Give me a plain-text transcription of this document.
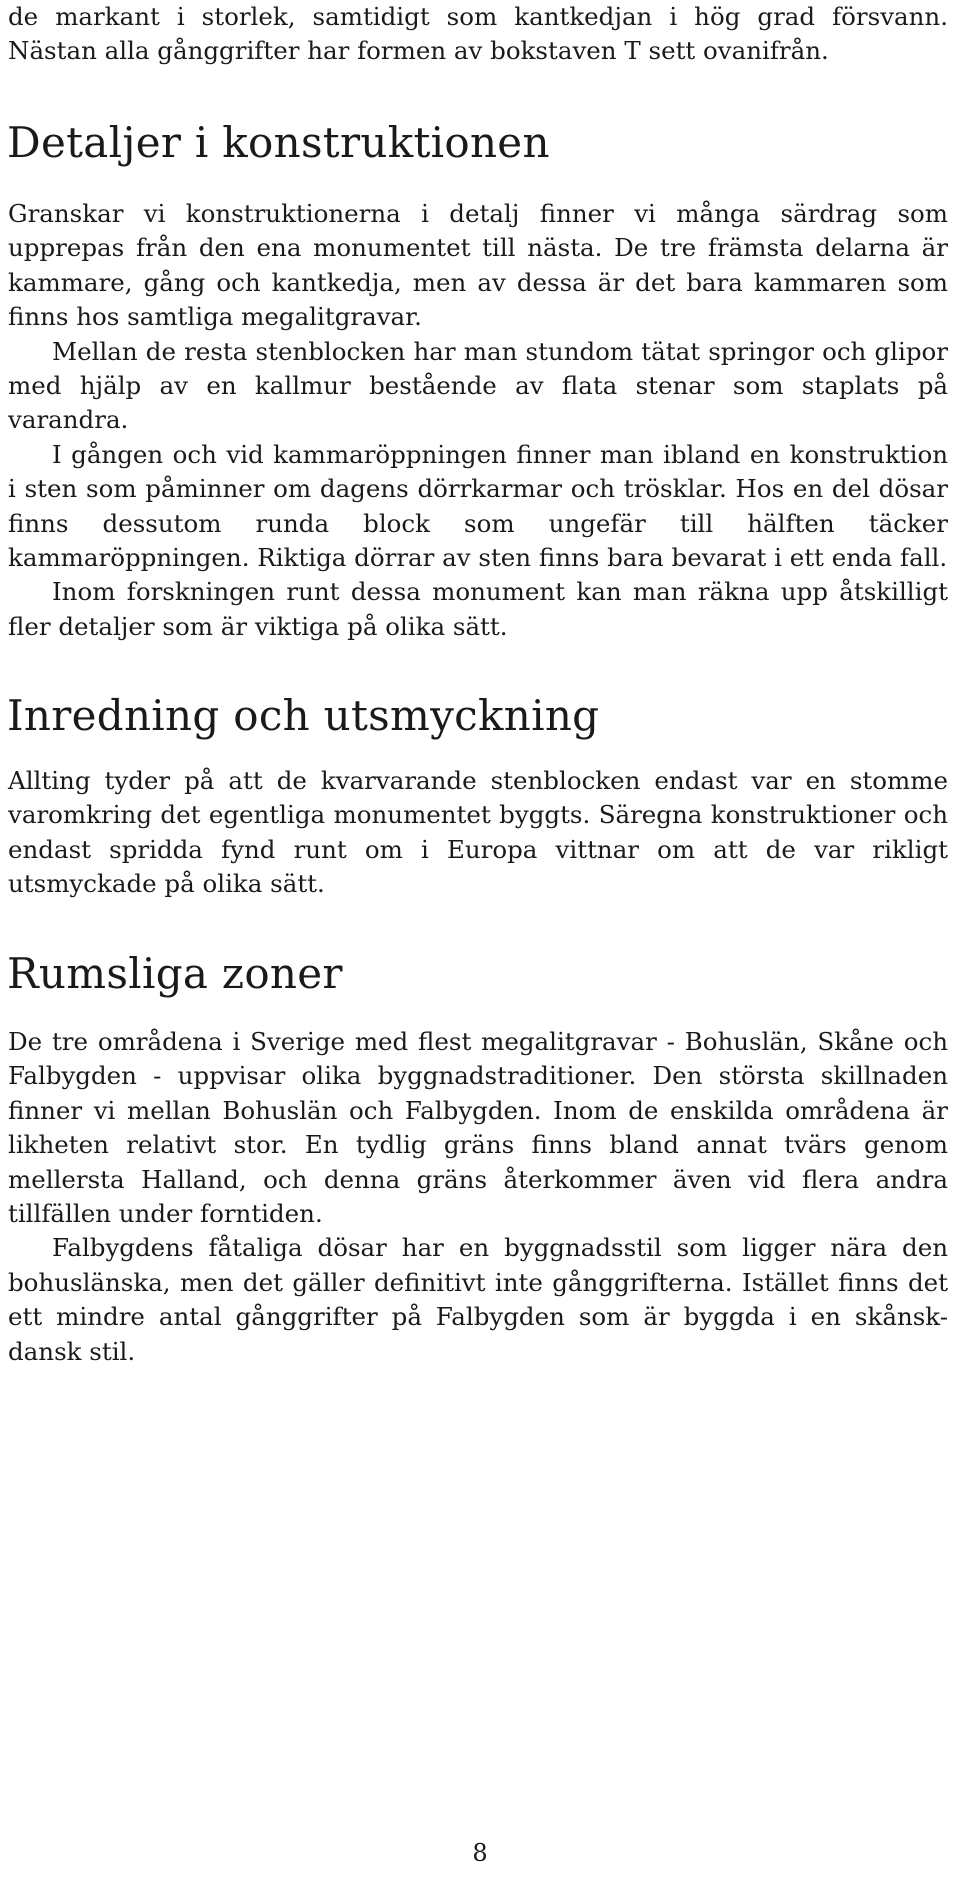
de markant i storlek, samtidigt som kantkedjan i hög grad försvann. Nästan alla gånggrifter har formen av bokstaven T sett ovanifrån.

Detaljer i konstruktionen

Granskar vi konstruktionerna i detalj finner vi många särdrag som upprepas från den ena monumentet till nästa. De tre främsta delarna är kammare, gång och kantkedja, men av dessa är det bara kammaren som finns hos samtliga megalitgravar.

Mellan de resta stenblocken har man stundom tätat springor och glipor med hjälp av en kallmur bestående av flata stenar som staplats på varandra.

I gången och vid kammaröppningen finner man ibland en konstruktion i sten som påminner om dagens dörrkarmar och trösklar. Hos en del dösar finns dessutom runda block som ungefär till hälften täcker kammaröppningen. Riktiga dörrar av sten finns bara bevarat i ett enda fall.

Inom forskningen runt dessa monument kan man räkna upp åtskilligt fler detaljer som är viktiga på olika sätt.

Inredning och utsmyckning

Allting tyder på att de kvarvarande stenblocken endast var en stomme varomkring det egentliga monumentet byggts. Säregna konstruktioner och endast spridda fynd runt om i Europa vittnar om att de var rikligt utsmyckade på olika sätt.

Rumsliga zoner

De tre områdena i Sverige med flest megalitgravar - Bohuslän, Skåne och Falbygden - uppvisar olika byggnadstraditioner. Den största skillnaden finner vi mellan Bohuslän och Falbygden. Inom de enskilda områdena är likheten relativt stor. En tydlig gräns finns bland annat tvärs genom mellersta Halland, och denna gräns återkommer även vid flera andra tillfällen under forntiden.

Falbygdens fåtaliga dösar har en byggnadsstil som ligger nära den bohuslänska, men det gäller definitivt inte gånggrifterna. Istället finns det ett mindre antal gånggrifter på Falbygden som är byggda i en skånsk-dansk stil.

8
